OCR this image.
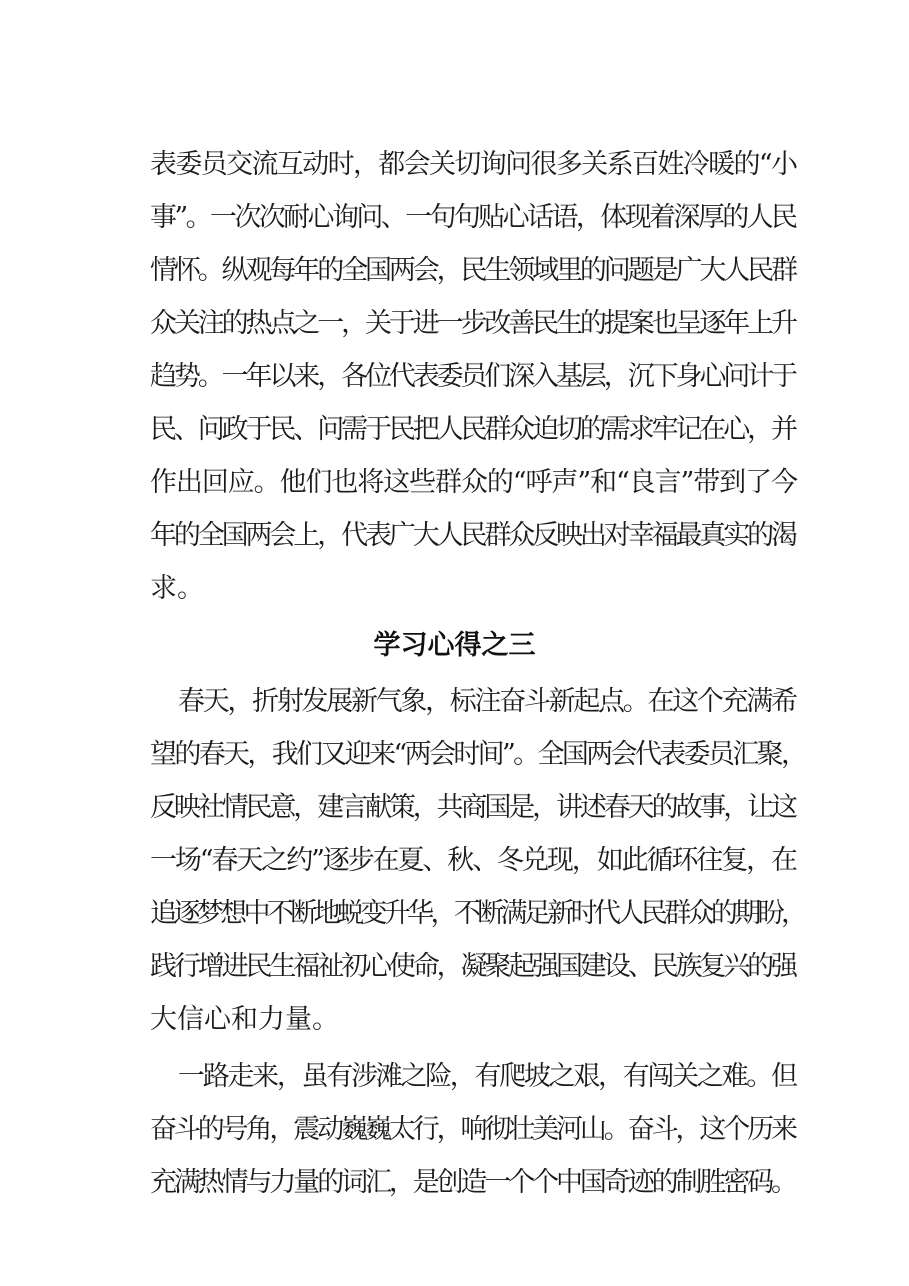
表委员交流互动时，都会关切询问很多关系百姓冷暖的“小
事”。一次次耐心询问、一句句贴心话语，体现着深厚的人民
情怀。纵观每年的全国两会，民生领域里的问题是广大人民群
众关注的热点之一，关于进一步改善民生的提案也呈逐年上升
趋势。一年以来，各位代表委员们深入基层，沉下身心问计于
民、问政于民、问需于民把人民群众迫切的需求牢记在心，并
作出回应。他们也将这些群众的“呼声”和“良言”带到了今
年的全国两会上，代表广大人民群众反映出对幸福最真实的渴
求。
学习心得之三
春天，折射发展新气象，标注奋斗新起点。在这个充满希
望的春天，我们又迎来“两会时间”。全国两会代表委员汇聚，
反映社情民意，建言献策，共商国是，讲述春天的故事，让这
一场“春天之约”逐步在夏、秋、冬兑现，如此循环往复，在
追逐梦想中不断地蜕变升华，不断满足新时代人民群众的期盼，
践行增进民生福祉初心使命，凝聚起强国建设、民族复兴的强
大信心和力量。
一路走来，虽有涉滩之险，有爬坡之艰，有闯关之难。但
奋斗的号角，震动巍巍太行，响彻壮美河山。奋斗，这个历来
充满热情与力量的词汇，是创造一个个中国奇迹的制胜密码。
